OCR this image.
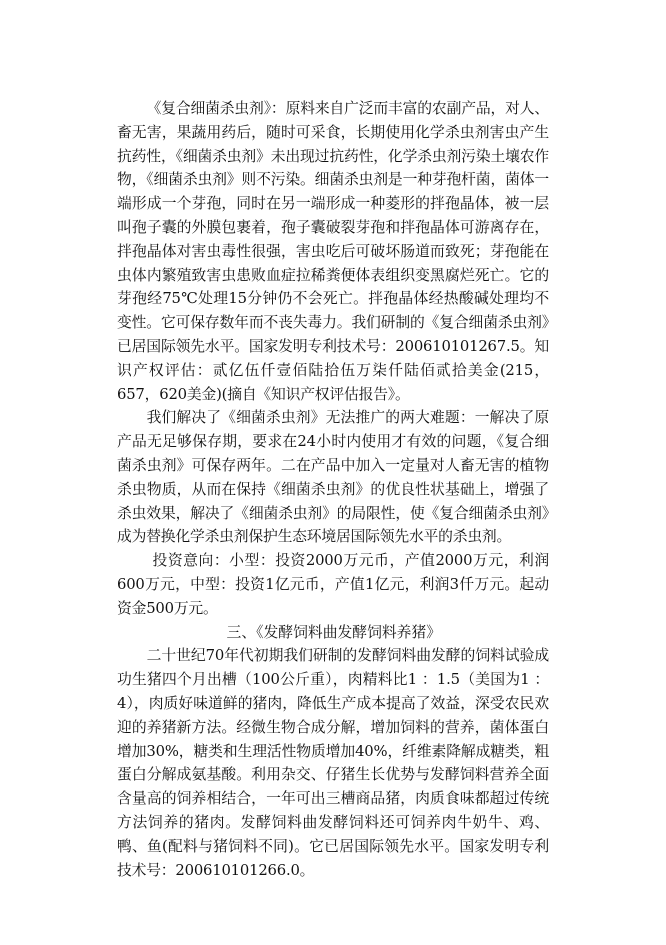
《复合细菌杀虫剂》：原料来自广泛而丰富的农副产品，对人、畜无害，果蔬用药后，随时可采食，长期使用化学杀虫剂害虫产生抗药性，《细菌杀虫剂》未出现过抗药性，化学杀虫剂污染土壤农作物，《细菌杀虫剂》则不污染。细菌杀虫剂是一种芽孢杆菌，菌体一端形成一个芽孢，同时在另一端形成一种菱形的拌孢晶体，被一层叫孢子囊的外膜包裹着，孢子囊破裂芽孢和拌孢晶体可游离存在，拌孢晶体对害虫毒性很强，害虫吃后可破坏肠道而致死；芽孢能在虫体内繁殖致害虫患败血症拉稀粪便体表组织变黑腐烂死亡。它的芽孢经75℃处理15分钟仍不会死亡。拌孢晶体经热酸碱处理均不变性。它可保存数年而不丧失毒力。我们研制的《复合细菌杀虫剂》已居国际领先水平。国家发明专利技术号：200610101267.5。知识产权评估：贰亿伍仟壹佰陆拾伍万柒仟陆佰贰拾美金(215，657，620美金)(摘自《知识产权评估报告》。

我们解决了《细菌杀虫剂》无法推广的两大难题：一解决了原产品无足够保存期，要求在24小时内使用才有效的问题，《复合细菌杀虫剂》可保存两年。二在产品中加入一定量对人畜无害的植物杀虫物质，从而在保持《细菌杀虫剂》的优良性状基础上，增强了杀虫效果，解决了《细菌杀虫剂》的局限性，使《复合细菌杀虫剂》成为替换化学杀虫剂保护生态环境居国际领先水平的杀虫剂。

投资意向：小型：投资2000万元币，产值2000万元，利润600万元，中型：投资1亿元币，产值1亿元，利润3仟万元。起动资金500万元。

三、《发酵饲料曲发酵饲料养猪》

二十世纪70年代初期我们研制的发酵饲料曲发酵的饲料试验成功生猪四个月出槽（100公斤重），肉精料比1 ：1.5（美国为1 ：4），肉质好味道鲜的猪肉，降低生产成本提高了效益，深受农民欢迎的养猪新方法。经微生物合成分解，增加饲料的营养，菌体蛋白增加30%，糖类和生理活性物质增加40%，纤维素降解成糖类，粗蛋白分解成氨基酸。利用杂交、仔猪生长优势与发酵饲料营养全面含量高的饲养相结合，一年可出三槽商品猪，肉质食味都超过传统方法饲养的猪肉。发酵饲料曲发酵饲料还可饲养肉牛奶牛、鸡、鸭、鱼(配料与猪饲料不同)。它已居国际领先水平。国家发明专利技术号：200610101266.0。
